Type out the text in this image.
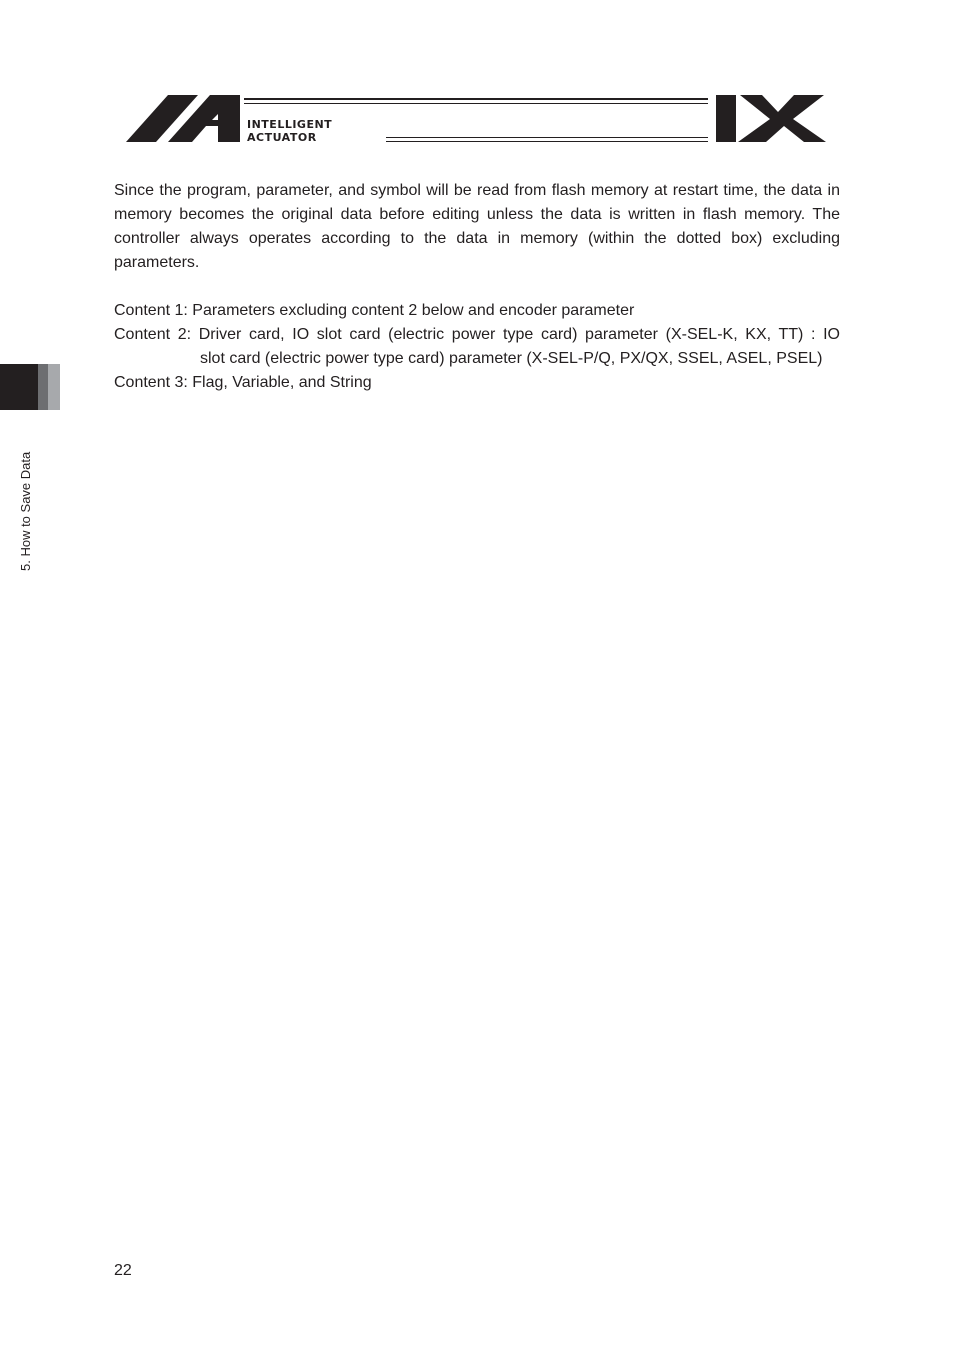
INTELLIGENT
ACTUATOR
5. How to Save Data

Since the program, parameter, and symbol will be read from flash memory at restart time, the data in memory becomes the original data before editing unless the data is written in flash memory. The controller always operates according to the data in memory (within the dotted box) excluding parameters.

Content 1: Parameters excluding content 2 below and encoder parameter
Content 2: Driver card, IO slot card (electric power type card) parameter (X-SEL-K, KX, TT) : IO
slot card (electric power type card) parameter (X-SEL-P/Q, PX/QX, SSEL, ASEL, PSEL)
Content 3: Flag, Variable, and String
22
